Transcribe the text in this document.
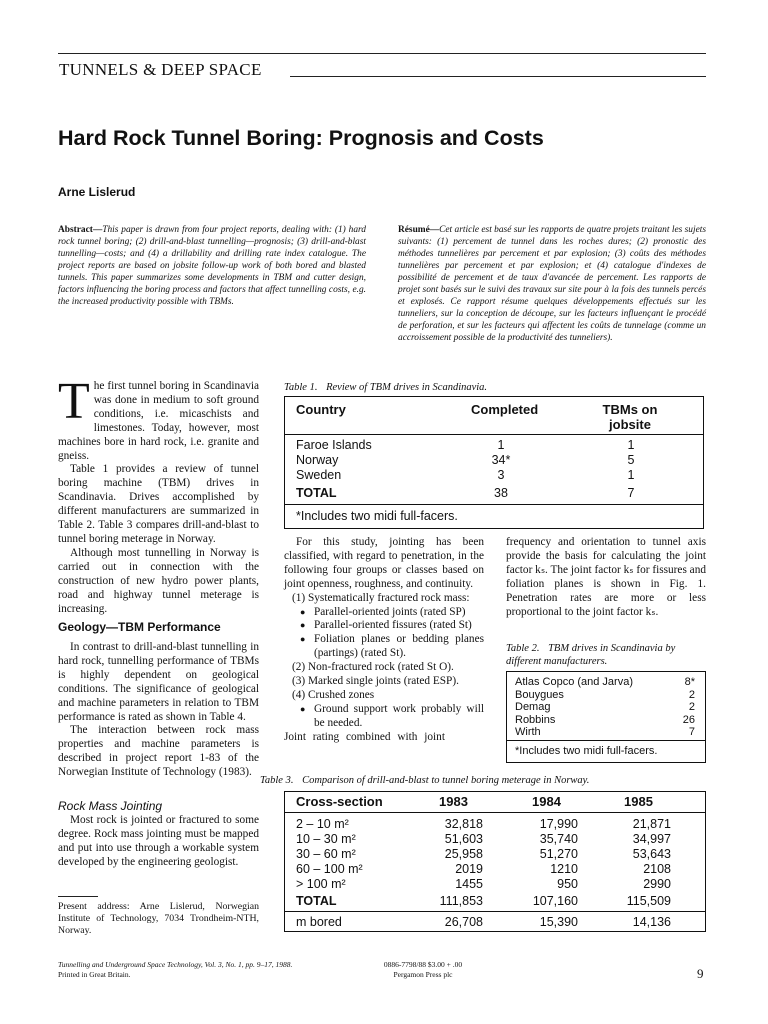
TUNNELS & DEEP SPACE
Hard Rock Tunnel Boring: Prognosis and Costs
Arne Lislerud
Abstract—This paper is drawn from four project reports, dealing with: (1) hard rock tunnel boring; (2) drill-and-blast tunnelling—prognosis; (3) drill-and-blast tunnelling—costs; and (4) a drillability and drilling rate index catalogue. The project reports are based on jobsite follow-up work of both bored and blasted tunnels. This paper summarizes some developments in TBM and cutter design, factors influencing the boring process and factors that affect tunnelling costs, e.g. the increased productivity possible with TBMs.
Résumé—Cet article est basé sur les rapports de quatre projets traitant les sujets suivants: (1) percement de tunnel dans les roches dures; (2) pronostic des méthodes tunnelières par percement et par explosion; (3) coûts des méthodes tunnelières par percement et par explosion; et (4) catalogue d'indexes de possibilité de percement et de taux d'avancée de percement. Les rapports de projet sont basés sur le suivi des travaux sur site pour à la fois des tunnels percés et explosés. Ce rapport résume quelques développements effectués sur les tunneliers, sur la conception de découpe, sur les facteurs influençant le procédé de perforation, et sur les facteurs qui affectent les coûts de tunnelage (comme un accroissement possible de la productivité des tunneliers).

The first tunnel boring in Scandinavia was done in medium to soft ground conditions, i.e. micaschists and limestones. Today, however, most machines bore in hard rock, i.e. granite and gneiss.

Table 1 provides a review of tunnel boring machine (TBM) drives in Scandinavia. Drives accomplished by different manufacturers are summarized in Table 2. Table 3 compares drill-and-blast to tunnel boring meterage in Norway.

Although most tunnelling in Norway is carried out in connection with the construction of new hydro power plants, road and highway tunnel meterage is increasing.

Geology—TBM Performance

In contrast to drill-and-blast tunnelling in hard rock, tunnelling performance of TBMs is highly dependent on geological conditions. The significance of geological and machine parameters in relation to TBM performance is rated as shown in Table 4.

The interaction between rock mass properties and machine parameters is described in project report 1-83 of the Norwegian Institute of Technology (1983).

Rock Mass Jointing

Most rock is jointed or fractured to some degree. Rock mass jointing must be mapped and put into use through a workable system developed by the engineering geologist.

Present address: Arne Lislerud, Norwegian Institute of Technology, 7034 Trondheim-NTH, Norway.
Table 1. Review of TBM drives in Scandinavia.
Country	Completed	TBMs on
jobsite
Faroe Islands	1	1
Norway	34*	5
Sweden	3	1
TOTAL	38	7
*Includes two midi full-facers.

For this study, jointing has been classified, with regard to penetration, in the following four groups or classes based on joint openness, roughness, and continuity.

(1) Systematically fractured rock mass:

● Parallel-oriented joints (rated SP)
● Parallel-oriented fissures (rated St)
● Foliation planes or bedding planes (partings) (rated St).

(2) Non-fractured rock (rated St O).

(3) Marked single joints (rated ESP).

(4) Crushed zones

● Ground support work probably will be needed.

Joint rating combined with joint

frequency and orientation to tunnel axis provide the basis for calculating the joint factor kₛ. The joint factor kₛ for fissures and foliation planes is shown in Fig. 1. Penetration rates are more or less proportional to the joint factor kₛ.

Table 2. TBM drives in Scandinavia by different manufacturers.
Atlas Copco (and Jarva)	8*
Bouygues	2
Demag	2
Robbins	26
Wirth	7
*Includes two midi full-facers.
Table 3. Comparison of drill-and-blast to tunnel boring meterage in Norway.
Cross-section	1983	1984	1985
2 – 10 m²	32,818	17,990	21,871
10 – 30 m²	51,603	35,740	34,997
30 – 60 m²	25,958	51,270	53,643
60 – 100 m²	2019	1210	2108
> 100 m²	1455	950	2990
TOTAL	111,853	107,160	115,509
m bored	26,708	15,390	14,136
Tunnelling and Underground Space Technology, Vol. 3, No. 1, pp. 9–17, 1988.
Printed in Great Britain.
0886-7798/88 $3.00 + .00
Pergamon Press plc	9
